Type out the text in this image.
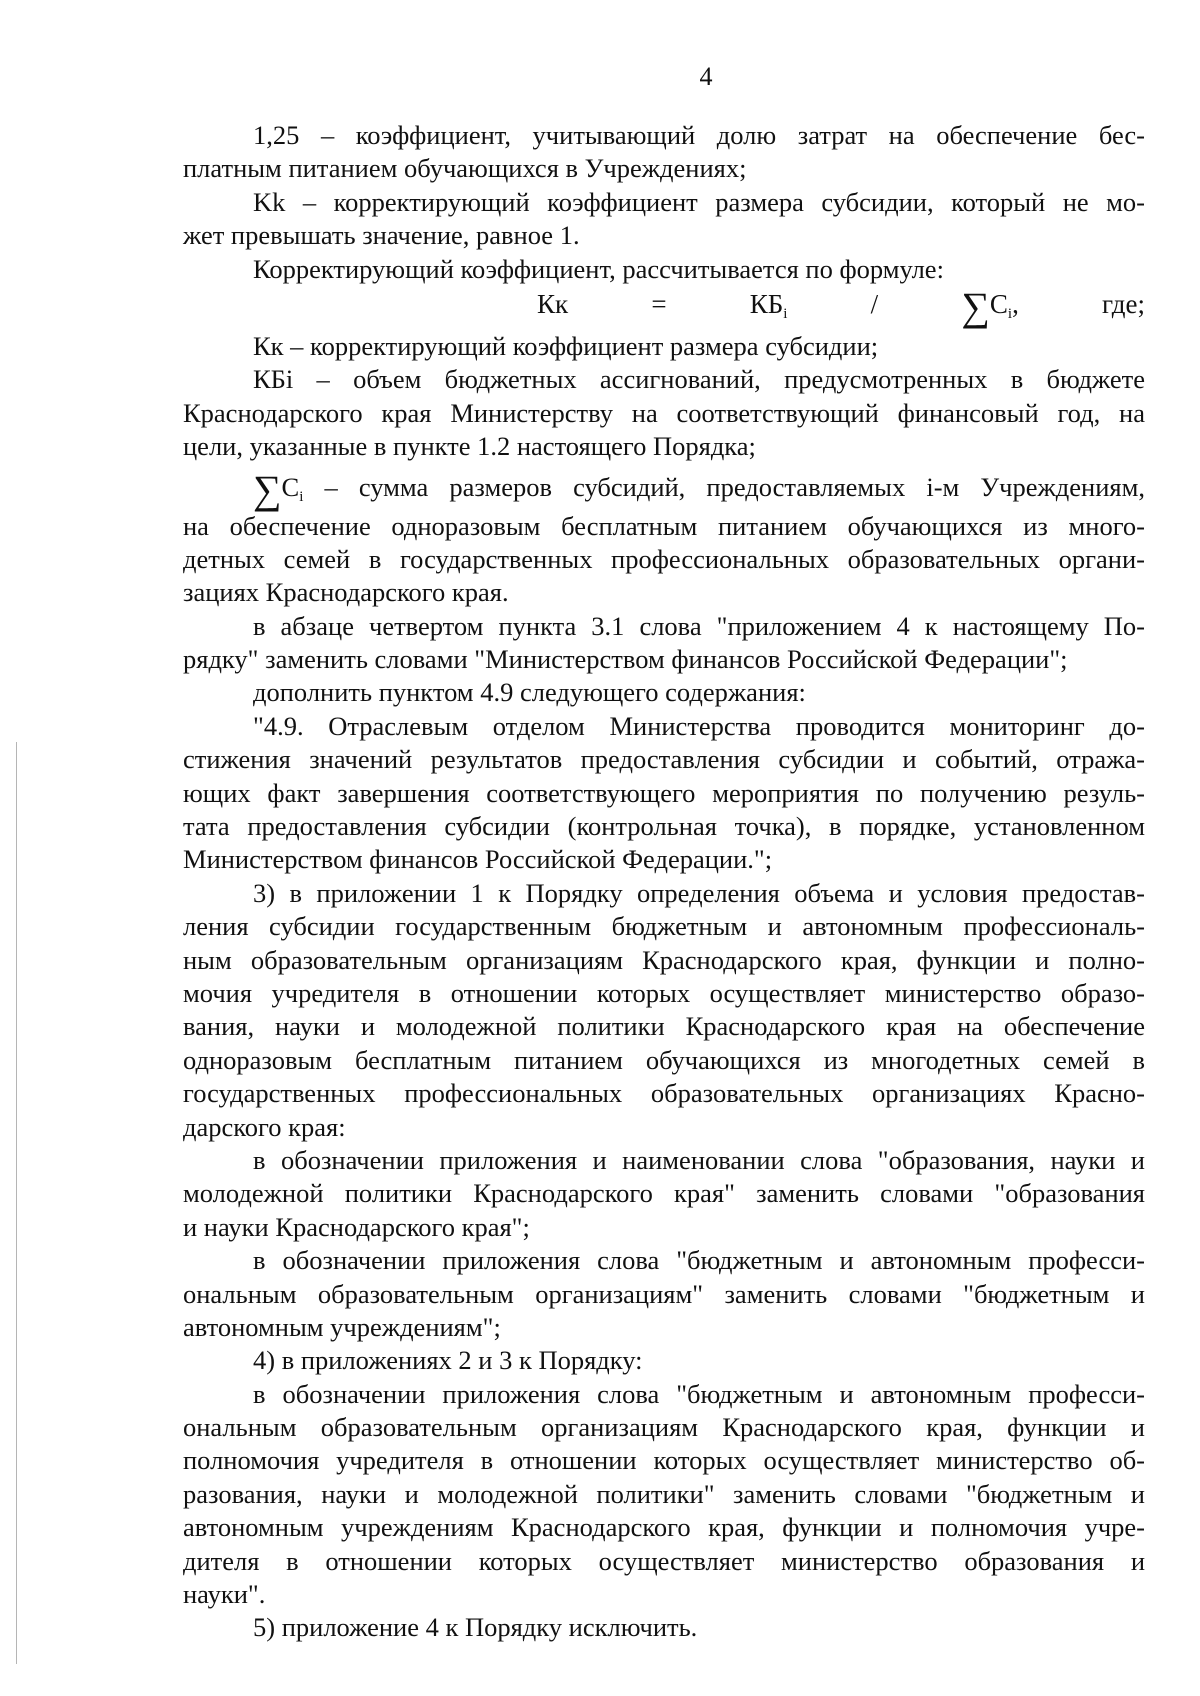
4
1,25 – коэффициент, учитывающий долю затрат на обеспечение бес-
платным питанием обучающихся в Учреждениях;
Kk – корректирующий коэффициент размера субсидии, который не мо-
жет превышать значение, равное 1.
Корректирующий коэффициент, рассчитывается по формуле:
Кк = $КБ_i / \sum С_i$, где;
Кк – корректирующий коэффициент размера субсидии;
КБi – объем бюджетных ассигнований, предусмотренных в бюджете
Краснодарского края Министерству на соответствующий финансовый год, на
цели, указанные в пункте 1.2 настоящего Порядка;
$\sum С_i$ – сумма размеров субсидий, предоставляемых i-м Учреждениям,
на обеспечение одноразовым бесплатным питанием обучающихся из много-
детных семей в государственных профессиональных образовательных органи-
зациях Краснодарского края.
в абзаце четвертом пункта 3.1 слова "приложением 4 к настоящему По-
рядку" заменить словами "Министерством финансов Российской Федерации";
дополнить пунктом 4.9 следующего содержания:
"4.9. Отраслевым отделом Министерства проводится мониторинг до-
стижения значений результатов предоставления субсидии и событий, отража-
ющих факт завершения соответствующего мероприятия по получению резуль-
тата предоставления субсидии (контрольная точка), в порядке, установленном
Министерством финансов Российской Федерации.";
3) в приложении 1 к Порядку определения объема и условия предостав-
ления субсидии государственным бюджетным и автономным профессиональ-
ным образовательным организациям Краснодарского края, функции и полно-
мочия учредителя в отношении которых осуществляет министерство образо-
вания, науки и молодежной политики Краснодарского края на обеспечение
одноразовым бесплатным питанием обучающихся из многодетных семей в
государственных профессиональных образовательных организациях Красно-
дарского края:
в обозначении приложения и наименовании слова "образования, науки и
молодежной политики Краснодарского края" заменить словами "образования
и науки Краснодарского края";
в обозначении приложения слова "бюджетным и автономным професси-
ональным образовательным организациям" заменить словами "бюджетным и
автономным учреждениям";
4) в приложениях 2 и 3 к Порядку:
в обозначении приложения слова "бюджетным и автономным професси-
ональным образовательным организациям Краснодарского края, функции и
полномочия учредителя в отношении которых осуществляет министерство об-
разования, науки и молодежной политики" заменить словами "бюджетным и
автономным учреждениям Краснодарского края, функции и полномочия учре-
дителя в отношении которых осуществляет министерство образования и
науки".
5) приложение 4 к Порядку исключить.
